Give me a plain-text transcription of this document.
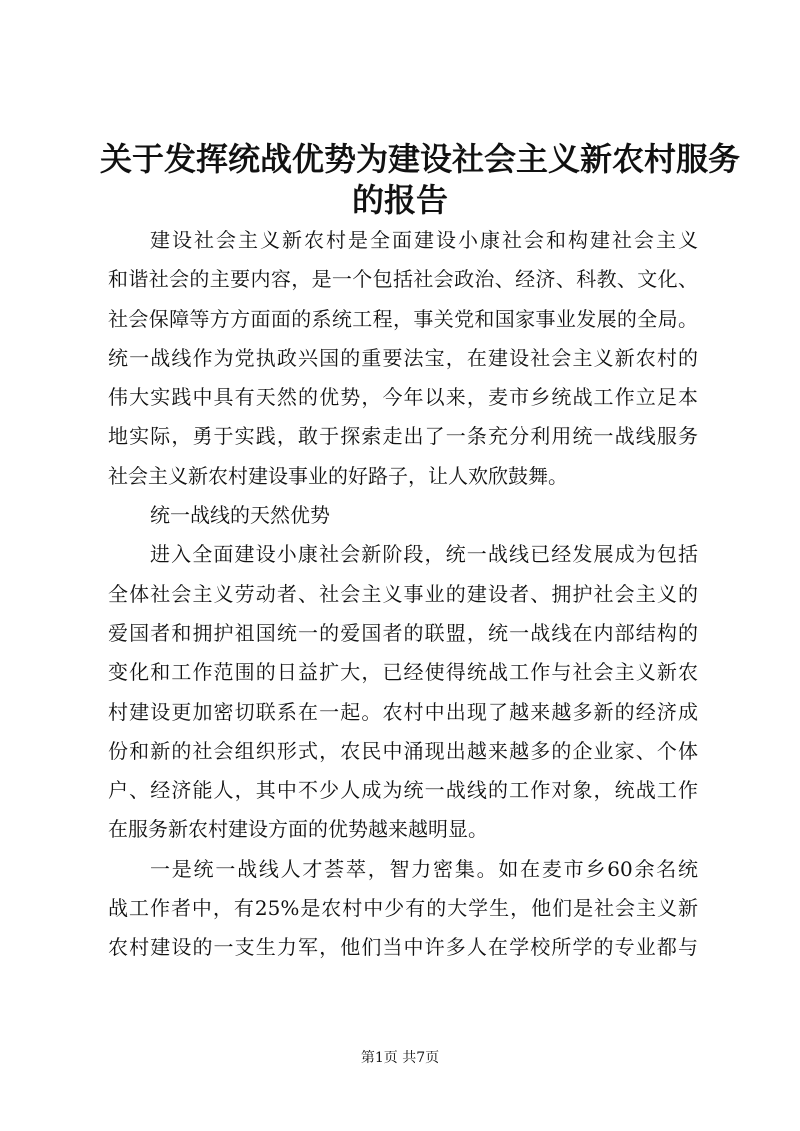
关于发挥统战优势为建设社会主义新农村服务
的报告
建设社会主义新农村是全面建设小康社会和构建社会主义
和谐社会的主要内容，是一个包括社会政治、经济、科教、文化、
社会保障等方方面面的系统工程，事关党和国家事业发展的全局。
统一战线作为党执政兴国的重要法宝，在建设社会主义新农村的
伟大实践中具有天然的优势，今年以来，麦市乡统战工作立足本
地实际，勇于实践，敢于探索走出了一条充分利用统一战线服务
社会主义新农村建设事业的好路子，让人欢欣鼓舞。
统一战线的天然优势
进入全面建设小康社会新阶段，统一战线已经发展成为包括
全体社会主义劳动者、社会主义事业的建设者、拥护社会主义的
爱国者和拥护祖国统一的爱国者的联盟，统一战线在内部结构的
变化和工作范围的日益扩大，已经使得统战工作与社会主义新农
村建设更加密切联系在一起。农村中出现了越来越多新的经济成
份和新的社会组织形式，农民中涌现出越来越多的企业家、个体
户、经济能人，其中不少人成为统一战线的工作对象，统战工作
在服务新农村建设方面的优势越来越明显。
一是统一战线人才荟萃，智力密集。如在麦市乡60余名统
战工作者中，有25%是农村中少有的大学生，他们是社会主义新
农村建设的一支生力军，他们当中许多人在学校所学的专业都与
第1页 共7页
